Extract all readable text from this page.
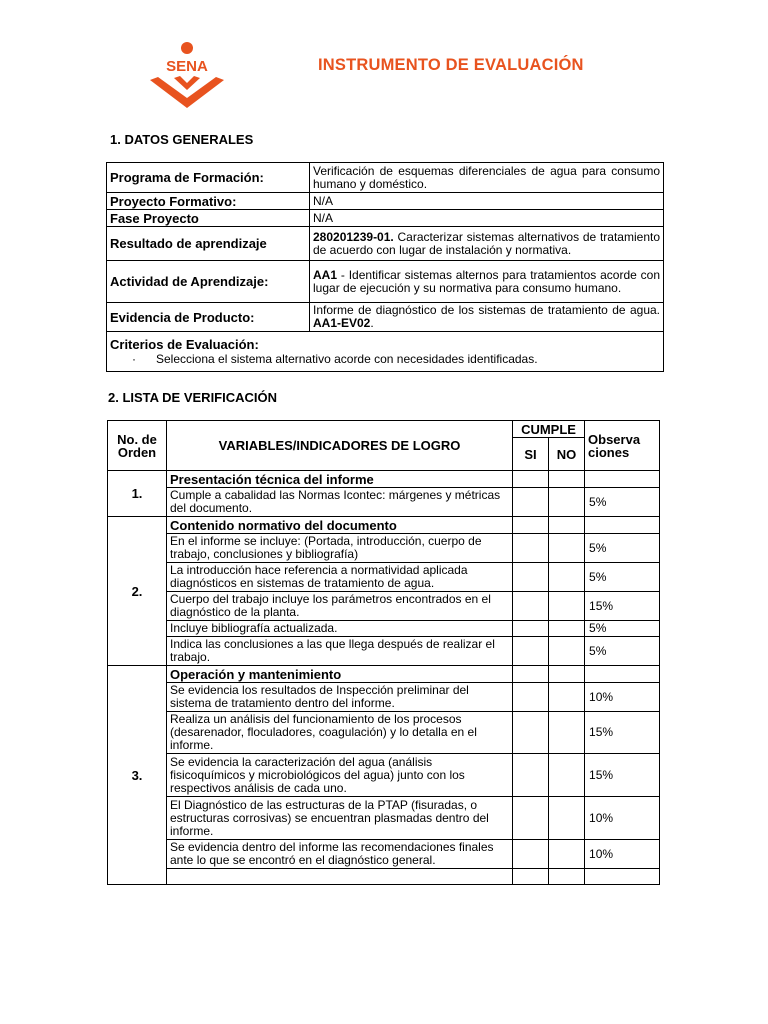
SENA	INSTRUMENTO DE EVALUACIÓN
1. DATOS GENERALES
Programa de Formación:	Verificación de esquemas diferenciales de agua para consumo humano y doméstico.
Proyecto Formativo:	N/A
Fase Proyecto	N/A
Resultado de aprendizaje	280201239-01. Caracterizar sistemas alternativos de tratamiento de acuerdo con lugar de instalación y normativa.
Actividad de Aprendizaje:	AA1 - Identificar sistemas alternos para tratamientos acorde con lugar de ejecución y su normativa para consumo humano.
Evidencia de Producto:	Informe de diagnóstico de los sistemas de tratamiento de agua. AA1-EV02.

Criterios de Evaluación:
· Selecciona el sistema alternativo acorde con necesidades identificadas.	
2. LISTA DE VERIFICACIÓN
No. de Orden	VARIABLES/INDICADORES DE LOGRO	CUMPLE		Observa ciones
		SI	NO	
1.	Presentación técnica del informe			
	Cumple a cabalidad las Normas Icontec: márgenes y métricas del documento.			5%
2.	Contenido normativo del documento			
	En el informe se incluye: (Portada, introducción, cuerpo de trabajo, conclusiones y bibliografía)			5%
	La introducción hace referencia a normatividad aplicada diagnósticos en sistemas de tratamiento de agua.			5%
	Cuerpo del trabajo incluye los parámetros encontrados en el diagnóstico de la planta.			15%
	Incluye bibliografía actualizada.			5%
	Indica las conclusiones a las que llega después de realizar el trabajo.			5%
3.	Operación y mantenimiento			
	Se evidencia los resultados de Inspección preliminar del sistema de tratamiento dentro del informe.			10%
	Realiza un análisis del funcionamiento de los procesos (desarenador, floculadores, coagulación) y lo detalla en el informe.			15%
	Se evidencia la caracterización del agua (análisis fisicoquímicos y microbiológicos del agua) junto con los respectivos análisis de cada uno.			15%
	El Diagnóstico de las estructuras de la PTAP (fisuradas, o estructuras corrosivas) se encuentran plasmadas dentro del informe.			10%
	Se evidencia dentro del informe las recomendaciones finales ante lo que se encontró en el diagnóstico general.			10%
